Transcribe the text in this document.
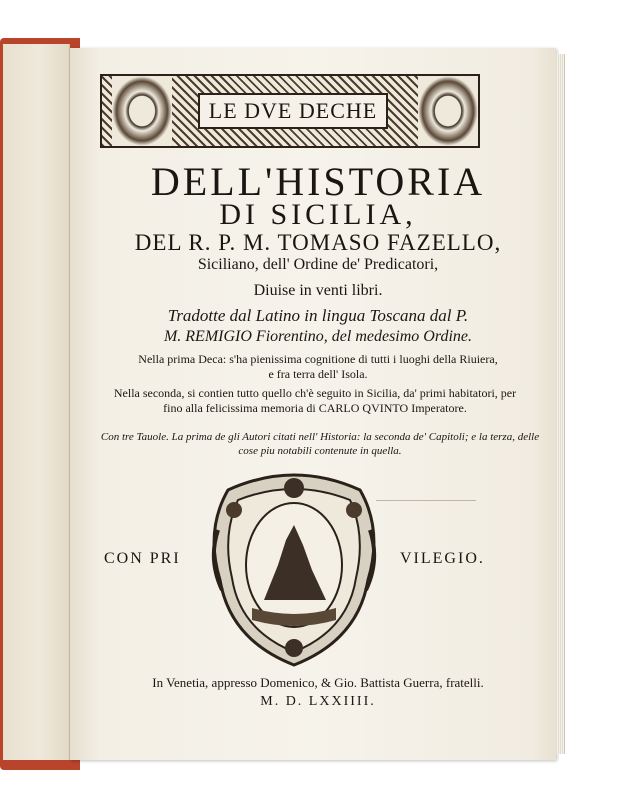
LE DVE DECHE
DELL'HISTORIA
DI SICILIA,
DEL R. P. M. TOMASO FAZELLO,
Siciliano, dell' Ordine de' Predicatori,
Diuise in venti libri.
Tradotte dal Latino in lingua Toscana dal P.
M. REMIGIO Fiorentino, del medesimo Ordine.
Nella prima Deca: s'ha pienissima cognitione di tutti i luoghi della Riuiera, e fra terra dell' Isola.
Nella seconda, si contien tutto quello ch'è seguito in Sicilia, da' primi habitatori, per fino alla felicissima memoria di CARLO QVINTO Imperatore.
Con tre Tauole. La prima de gli Autori citati nell' Historia: la seconda de' Capitoli; e la terza, delle cose piu notabili contenute in quella.
CON PRI	VILEGIO.
In Venetia, appresso Domenico, & Gio. Battista Guerra, fratelli.
M. D. LXXIIII.
